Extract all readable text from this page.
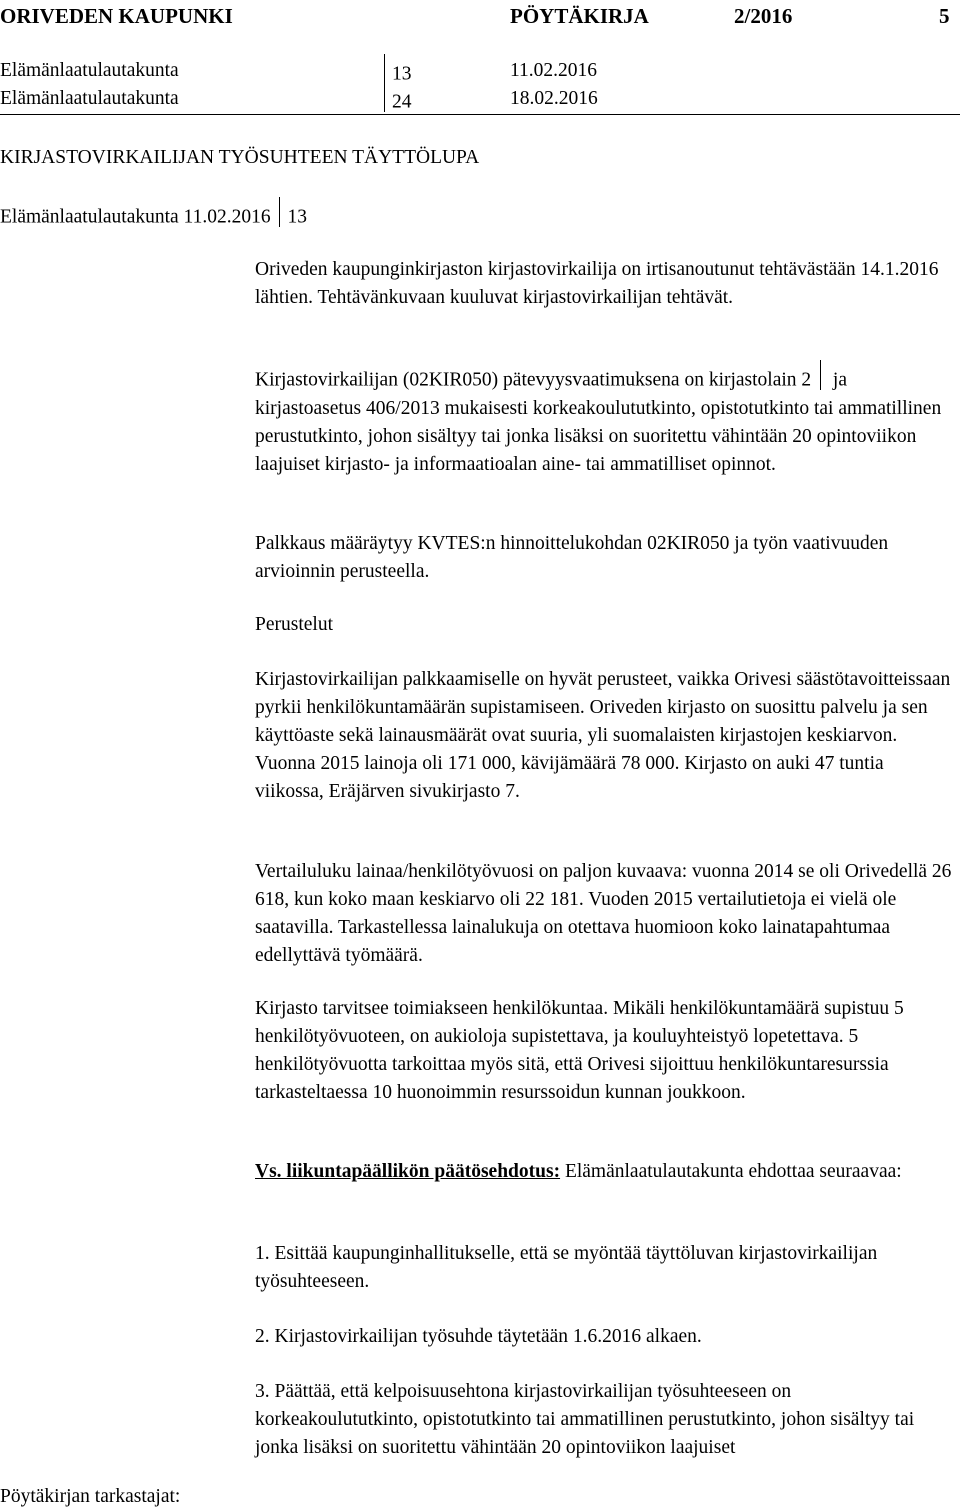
ORIVEDEN KAUPUNKI	PÖYTÄKIRJA	2/2016	5
Elämänlaatulautakunta	13	11.02.2016
Elämänlaatulautakunta	24	18.02.2016
KIRJASTOVIRKAILIJAN TYÖSUHTEEN TÄYTTÖLUPA
Elämänlaatulautakunta 11.02.2016 13

Oriveden kaupunginkirjaston kirjastovirkailija on irtisanoutunut tehtävästään 14.1.2016 lähtien. Tehtävänkuvaan kuuluvat kirjastovirkailijan tehtävät.

Kirjastovirkailijan (02KIR050) pätevyysvaatimuksena on kirjastolain 2 ja kirjastoasetus 406/2013 mukaisesti korkeakoulututkinto, opistotutkinto tai ammatillinen perustutkinto, johon sisältyy tai jonka lisäksi on suoritettu vähintään 20 opintoviikon laajuiset kirjasto- ja informaatioalan aine- tai ammatilliset opinnot.

Palkkaus määräytyy KVTES:n hinnoittelukohdan 02KIR050 ja työn vaativuuden arvioinnin perusteella.

Perustelut

Kirjastovirkailijan palkkaamiselle on hyvät perusteet, vaikka Orivesi säästötavoitteissaan pyrkii henkilökuntamäärän supistamiseen. Oriveden kirjasto on suosittu palvelu ja sen käyttöaste sekä lainausmäärät ovat suuria, yli suomalaisten kirjastojen keskiarvon. Vuonna 2015 lainoja oli 171 000, kävijämäärä 78 000. Kirjasto on auki 47 tuntia viikossa, Eräjärven sivukirjasto 7.

Vertailuluku lainaa/henkilötyövuosi on paljon kuvaava: vuonna 2014 se oli Orivedellä 26 618, kun koko maan keskiarvo oli 22 181. Vuoden 2015 vertailutietoja ei vielä ole saatavilla. Tarkastellessa lainalukuja on otettava huomioon koko lainatapahtumaa edellyttävä työmäärä.

Kirjasto tarvitsee toimiakseen henkilökuntaa. Mikäli henkilökuntamäärä supistuu 5 henkilötyövuoteen, on aukioloja supistettava, ja kouluyhteistyö lopetettava. 5 henkilötyövuotta tarkoittaa myös sitä, että Orivesi sijoittuu henkilökuntaresurssia tarkasteltaessa 10 huonoimmin resurssoidun kunnan joukkoon.

Vs. liikuntapäällikön päätösehdotus: Elämänlaatulautakunta ehdottaa seuraavaa:

1. Esittää kaupunginhallitukselle, että se myöntää täyttöluvan kirjastovirkailijan työsuhteeseen.

2. Kirjastovirkailijan työsuhde täytetään 1.6.2016 alkaen.

3. Päättää, että kelpoisuusehtona kirjastovirkailijan työsuhteeseen on korkeakoulututkinto, opistotutkinto tai ammatillinen perustutkinto, johon sisältyy tai jonka lisäksi on suoritettu vähintään 20 opintoviikon laajuiset

Pöytäkirjan tarkastajat:
